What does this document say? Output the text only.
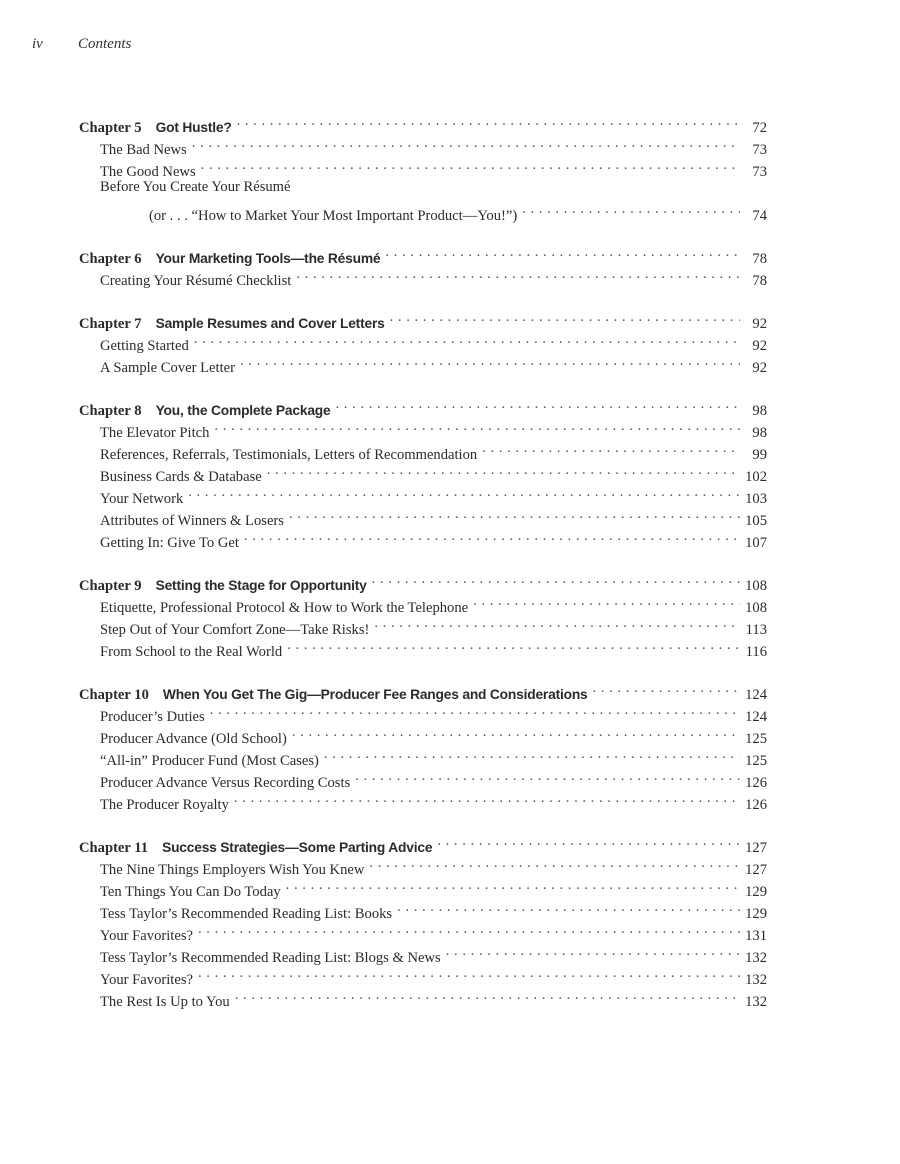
iv Contents
Chapter 5 Got Hustle? . . .	72
The Bad News . . .	73
The Good News . . .	73
Before You Create Your Résumé
(or . . . “How to Market Your Most Important Product—You!”) . . .	74
Chapter 6 Your Marketing Tools—the Résumé . . .	78
Creating Your Résumé Checklist . . .	78
Chapter 7 Sample Resumes and Cover Letters . . .	92
Getting Started . . .	92
A Sample Cover Letter . . .	92
Chapter 8 You, the Complete Package . . .	98
The Elevator Pitch . . .	98
References, Referrals, Testimonials, Letters of Recommendation . . .	99
Business Cards & Database . . .	102
Your Network . . .	103
Attributes of Winners & Losers . . .	105
Getting In: Give To Get . . .	107
Chapter 9 Setting the Stage for Opportunity . . .	108
Etiquette, Professional Protocol & How to Work the Telephone . . .	108
Step Out of Your Comfort Zone—Take Risks! . . .	113
From School to the Real World . . .	116
Chapter 10 When You Get The Gig—Producer Fee Ranges and Considerations . . .	124
Producer’s Duties . . .	124
Producer Advance (Old School) . . .	125
“All-in” Producer Fund (Most Cases) . . .	125
Producer Advance Versus Recording Costs . . .	126
The Producer Royalty . . .	126
Chapter 11 Success Strategies—Some Parting Advice . . .	127
The Nine Things Employers Wish You Knew . . .	127
Ten Things You Can Do Today . . .	129
Tess Taylor’s Recommended Reading List: Books . . .	129
Your Favorites? . . .	131
Tess Taylor’s Recommended Reading List: Blogs & News . . .	132
Your Favorites? . . .	132
The Rest Is Up to You . . .	132
